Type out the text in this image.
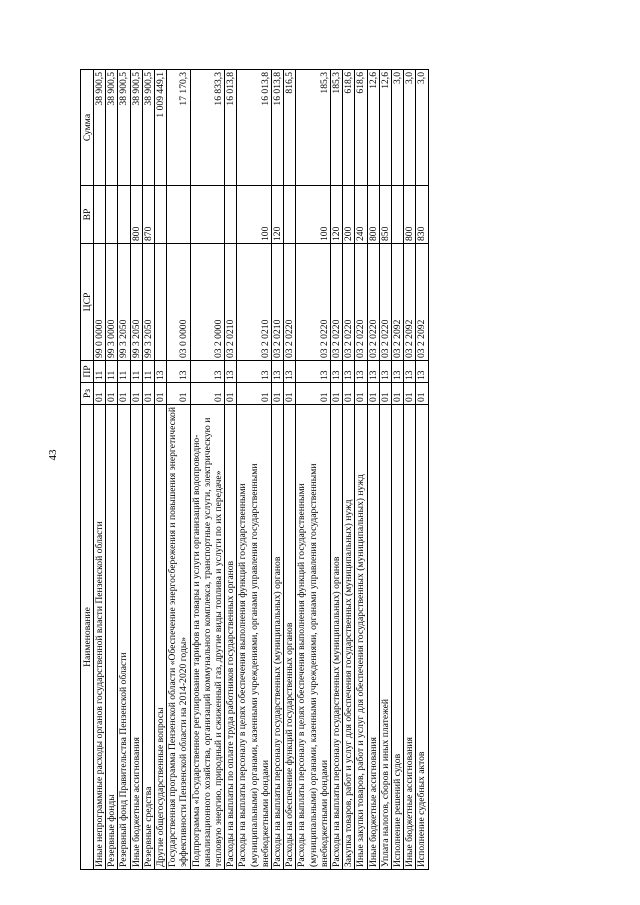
43
Наименование	Рз	ПР	ЦСР	ВР	Сумма
Иные непрограммные расходы органов государственной власти Пензенской области	01	11	99 0 0000		38 900,5
Резервные фонды	01	11	99 3 0000		38 900,5
Резервный фонд Правительства Пензенской области	01	11	99 3 2050		38 900,5
Иные бюджетные ассигнования	01	11	99 3 2050	800	38 900,5
Резервные средства	01	11	99 3 2050	870	38 900,5
Другие общегосударственные вопросы	01	13			1 009 449,1
Государственная программа Пензенской области «Обеспечение энергосбережения и повышения энергетической эффективности Пензенской области на 2014-2020 годы»	01	13	03 0 0000		17 170,3
Подпрограмма «Государственное регулирование тарифов на товары и услуги организаций водопроводно-канализационного хозяйства, организаций коммунального комплекса, транспортные услуги, электрическую и тепловую энергию, природный и сжиженный газ, другие виды топлива и услуги по их передаче»	01	13	03 2 0000		16 833,3
Расходы на выплаты по оплате труда работников государственных органов	01	13	03 2 0210		16 013,8
Расходы на выплаты персоналу в целях обеспечения выполнения функций государственными (муниципальными) органами, казенными учреждениями, органами управления государственными внебюджетными фондами	01	13	03 2 0210	100	16 013,8
Расходы на выплаты персоналу государственных (муниципальных) органов	01	13	03 2 0210	120	16 013,8
Расходы на обеспечение функций государственных органов	01	13	03 2 0220		816,5
Расходы на выплаты персоналу в целях обеспечения выполнения функций государственными (муниципальными) органами, казенными учреждениями, органами управления государственными внебюджетными фондами	01	13	03 2 0220	100	185,3
Расходы на выплаты персоналу государственных (муниципальных) органов	01	13	03 2 0220	120	185,3
Закупка товаров, работ и услуг для обеспечения государственных (муниципальных) нужд	01	13	03 2 0220	200	618,6
Иные закупки товаров, работ и услуг для обеспечения государственных (муниципальных) нужд	01	13	03 2 0220	240	618,6
Иные бюджетные ассигнования	01	13	03 2 0220	800	12,6
Уплата налогов, сборов и иных платежей	01	13	03 2 0220	850	12,6
Исполнение решений судов	01	13	03 2 2092		3,0
Иные бюджетные ассигнования	01	13	03 2 2092	800	3,0
Исполнение судебных актов	01	13	03 2 2092	830	3,0
